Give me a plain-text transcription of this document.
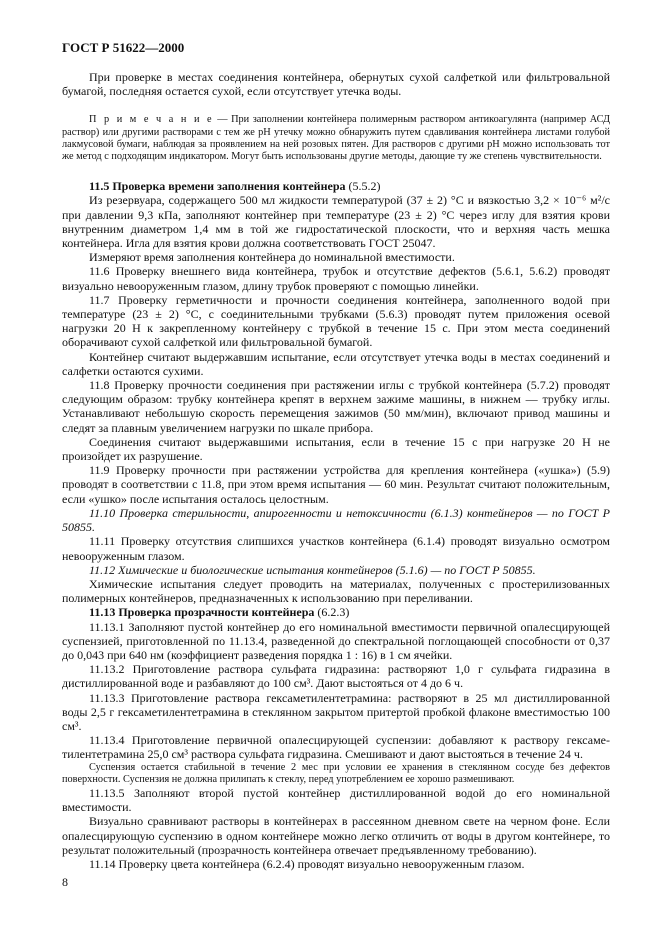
ГОСТ Р 51622—2000

При проверке в местах соединения контейнера, обернутых сухой салфеткой или фильтровальной бумагой, последняя остается сухой, если отсутствует утечка воды.

П р и м е ч а н и е — При заполнении контейнера полимерным раствором антикоагулянта (например АСД раствор) или другими растворами с тем же рН утечку можно обнаружить путем сдавливания контейнера листами голубой лакмусовой бумаги, наблюдая за проявлением на ней розовых пятен. Для растворов с другими рН можно использовать тот же метод с подходящим индикатором. Могут быть использованы другие методы, дающие ту же степень чувствительности.

11.5 Проверка времени заполнения контейнера (5.5.2)

Из резервуара, содержащего 500 мл жидкости температурой (37 ± 2) °С и вязкостью 3,2 × 10⁻⁶ м²/с при давлении 9,3 кПа, заполняют контейнер при температуре (23 ± 2) °С через иглу для взятия крови внутренним диаметром 1,4 мм в той же гидростатической плоскости, что и верхняя часть мешка контейнера. Игла для взятия крови должна соответствовать ГОСТ 25047.

Измеряют время заполнения контейнера до номинальной вместимости.

11.6 Проверку внешнего вида контейнера, трубок и отсутствие дефектов (5.6.1, 5.6.2) проводят визуально невооруженным глазом, длину трубок проверяют с помощью линейки.

11.7 Проверку герметичности и прочности соединения контейнера, заполненного водой при температуре (23 ± 2) °С, с соединительными трубками (5.6.3) проводят путем приложения осевой нагрузки 20 Н к закрепленному контейнеру с трубкой в течение 15 с. При этом места соединений оборачивают сухой салфеткой или фильтровальной бумагой.

Контейнер считают выдержавшим испытание, если отсутствует утечка воды в местах соединений и салфетки остаются сухими.

11.8 Проверку прочности соединения при растяжении иглы с трубкой контейнера (5.7.2) проводят следующим образом: трубку контейнера крепят в верхнем зажиме машины, в нижнем — трубку иглы. Устанавливают небольшую скорость перемещения зажимов (50 мм/мин), включают привод машины и следят за плавным увеличением нагрузки по шкале прибора.

Соединения считают выдержавшими испытания, если в течение 15 с при нагрузке 20 Н не произойдет их разрушение.

11.9 Проверку прочности при растяжении устройства для крепления контейнера («ушка») (5.9) проводят в соответствии с 11.8, при этом время испытания — 60 мин. Результат считают положительным, если «ушко» после испытания осталось целостным.

11.10 Проверка стерильности, апирогенности и нетоксичности (6.1.3) контейнеров — по ГОСТ Р 50855.

11.11 Проверку отсутствия слипшихся участков контейнера (6.1.4) проводят визуально осмотром невооруженным глазом.

11.12 Химические и биологические испытания контейнеров (5.1.6) — по ГОСТ Р 50855.

Химические испытания следует проводить на материалах, полученных с простерилизованных полимерных контейнеров, предназначенных к использованию при переливании.

11.13 Проверка прозрачности контейнера (6.2.3)

11.13.1 Заполняют пустой контейнер до его номинальной вместимости первичной опалесцирующей суспензией, приготовленной по 11.13.4, разведенной до спектральной поглощающей способности от 0,37 до 0,043 при 640 нм (коэффициент разведения порядка 1 : 16) в 1 см ячейки.

11.13.2 Приготовление раствора сульфата гидразина: растворяют 1,0 г сульфата гидразина в дистиллированной воде и разбавляют до 100 см³. Дают выстояться от 4 до 6 ч.

11.13.3 Приготовление раствора гексаметилентетрамина: растворяют в 25 мл дистиллированной воды 2,5 г гексаметилентетрамина в стеклянном закрытом притертой пробкой флаконе вместимостью 100 см³.

11.13.4 Приготовление первичной опалесцирующей суспензии: добавляют к раствору гексаметилентетрамина 25,0 см³ раствора сульфата гидразина. Смешивают и дают выстояться в течение 24 ч.

Суспензия остается стабильной в течение 2 мес при условии ее хранения в стеклянном сосуде без дефектов поверхности. Суспензия не должна прилипать к стеклу, перед употреблением ее хорошо размешивают.

11.13.5 Заполняют второй пустой контейнер дистиллированной водой до его номинальной вместимости.

Визуально сравнивают растворы в контейнерах в рассеянном дневном свете на черном фоне. Если опалесцирующую суспензию в одном контейнере можно легко отличить от воды в другом контейнере, то результат положительный (прозрачность контейнера отвечает предъявленному требованию).

11.14 Проверку цвета контейнера (6.2.4) проводят визуально невооруженным глазом.

8
